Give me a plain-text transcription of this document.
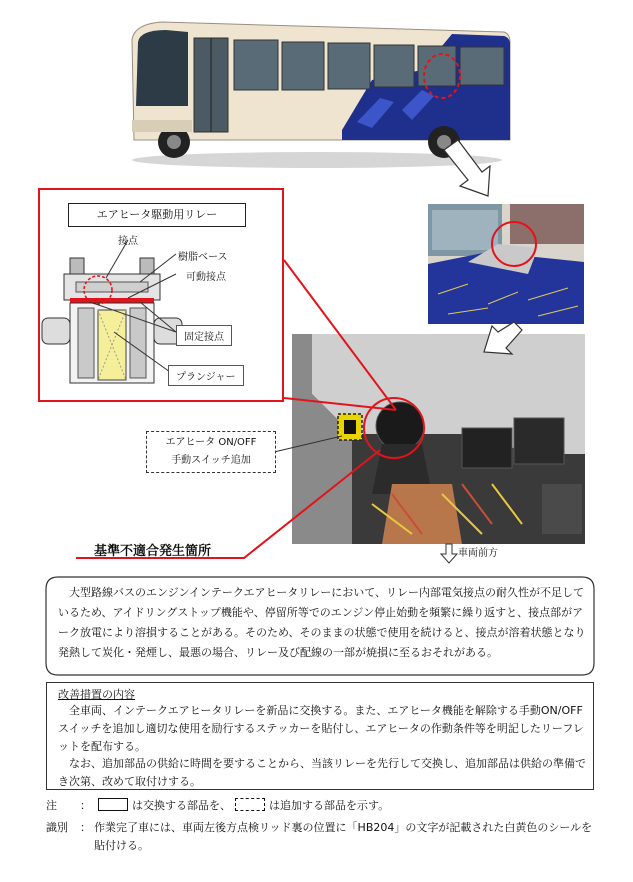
エアヒータ駆動用リレー
接点
樹脂ベース
可動接点
固定接点
プランジャー
エアヒータ ON/OFF
手動スイッチ追加
基準不適合発生箇所	車両前方
大型路線バスのエンジンインテークエアヒータリレーにおいて、リレー内部電気接点の耐久性が不足しているため、アイドリングストップ機能や、停留所等でのエンジン停止始動を頻繁に繰り返すと、接点部がアーク放電により溶損することがある。そのため、そのままの状態で使用を続けると、接点が溶着状態となり発熱して炭化・発煙し、最悪の場合、リレー及び配線の一部が焼損に至るおそれがある。
改善措置の内容
全車両、インテークエアヒータリレーを新品に交換する。また、エアヒータ機能を解除する手動ON/OFF スイッチを追加し適切な使用を励行するステッカーを貼付し、エアヒータの作動条件等を明記したリーフレットを配布する。
なお、追加部品の供給に時間を要することから、当該リレーを先行して交換し、追加部品は供給の準備でき次第、改めて取付けする。
注	：	は交換する部品を、	は追加する部品を示す。
識別	： 作業完了車には、車両左後方点検リッド裏の位置に「HB204」の文字が記載された白黄色のシールを貼付ける。
